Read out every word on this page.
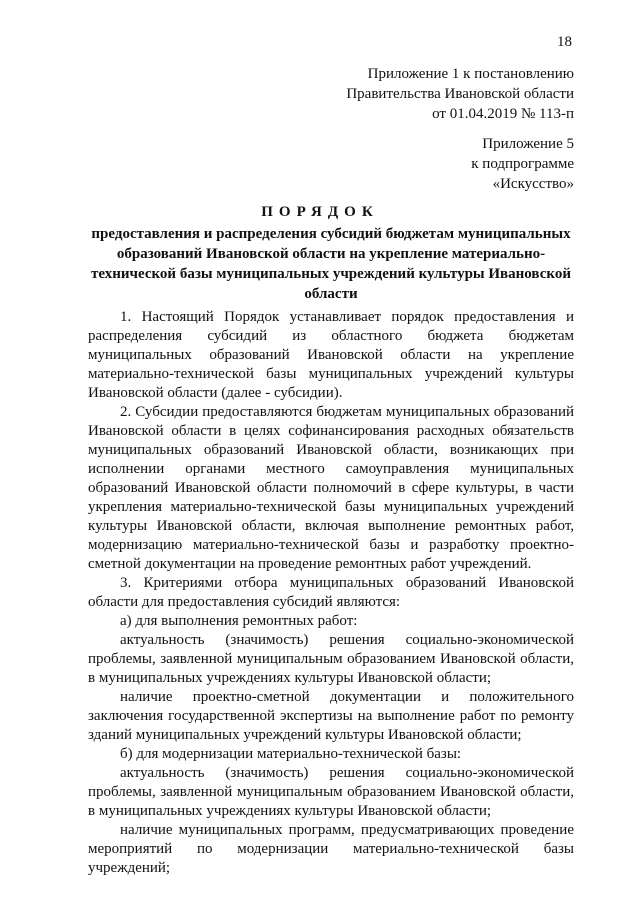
18
Приложение 1 к постановлению
Правительства Ивановской области
от 01.04.2019 № 113-п
Приложение 5
к подпрограмме
«Искусство»
ПОРЯДОК
предоставления и распределения субсидий бюджетам муниципальных образований Ивановской области на укрепление материально-технической базы муниципальных учреждений культуры Ивановской области

1. Настоящий Порядок устанавливает порядок предоставления и распределения субсидий из областного бюджета бюджетам муниципальных образований Ивановской области на укрепление материально-технической базы муниципальных учреждений культуры Ивановской области (далее - субсидии).

2. Субсидии предоставляются бюджетам муниципальных образований Ивановской области в целях софинансирования расходных обязательств муниципальных образований Ивановской области, возникающих при исполнении органами местного самоуправления муниципальных образований Ивановской области полномочий в сфере культуры, в части укрепления материально-технической базы муниципальных учреждений культуры Ивановской области, включая выполнение ремонтных работ, модернизацию материально-технической базы и разработку проектно-сметной документации на проведение ремонтных работ учреждений.

3. Критериями отбора муниципальных образований Ивановской области для предоставления субсидий являются:

а) для выполнения ремонтных работ:

актуальность (значимость) решения социально-экономической проблемы, заявленной муниципальным образованием Ивановской области, в муниципальных учреждениях культуры Ивановской области;

наличие проектно-сметной документации и положительного заключения государственной экспертизы на выполнение работ по ремонту зданий муниципальных учреждений культуры Ивановской области;

б) для модернизации материально-технической базы:

актуальность (значимость) решения социально-экономической проблемы, заявленной муниципальным образованием Ивановской области, в муниципальных учреждениях культуры Ивановской области;

наличие муниципальных программ, предусматривающих проведение мероприятий по модернизации материально-технической базы учреждений;
